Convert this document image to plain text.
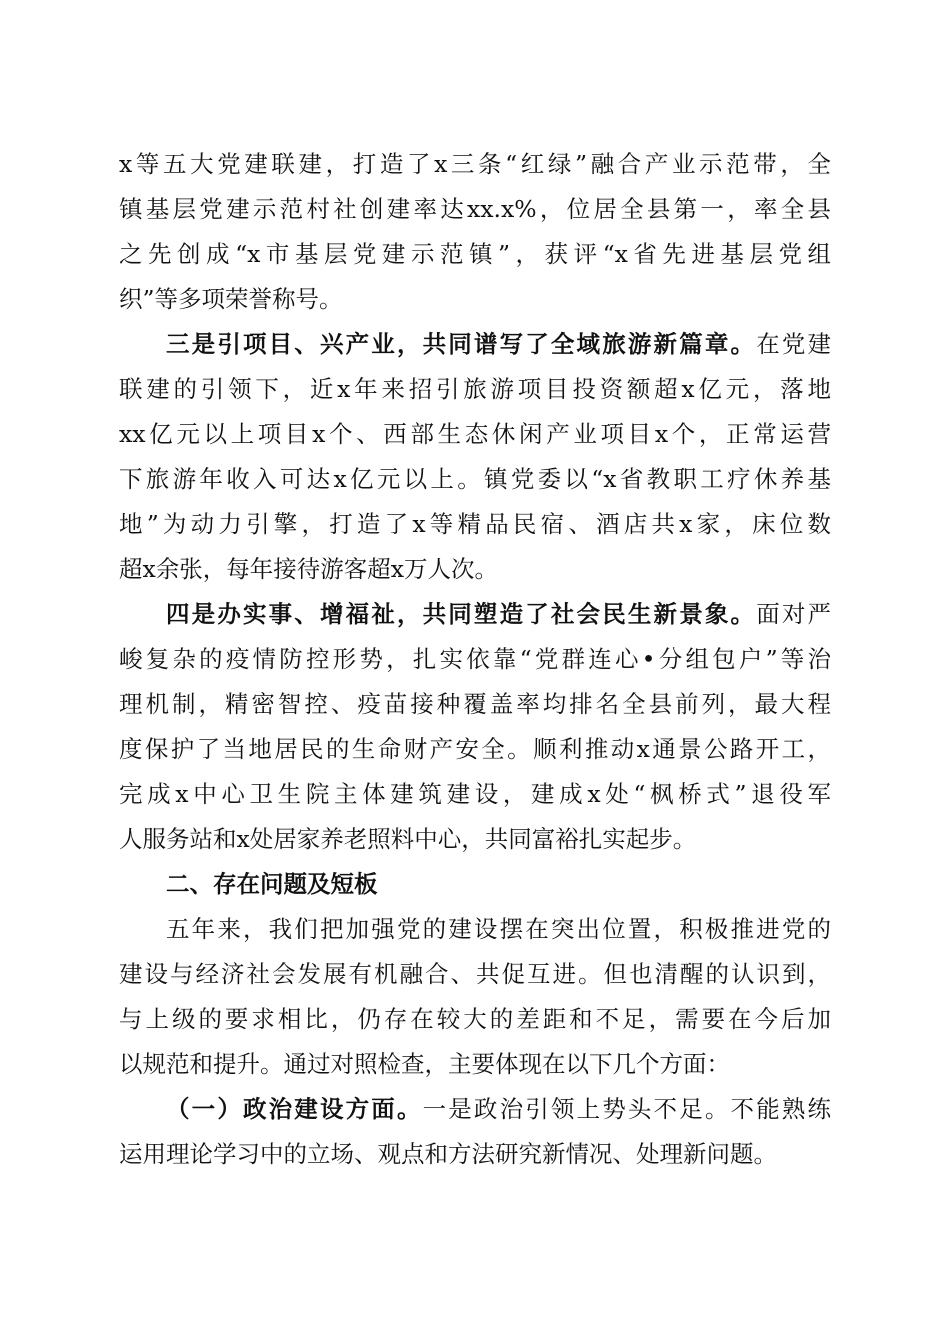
x等五大党建联建，打造了x三条“红绿”融合产业示范带，全
镇基层党建示范村社创建率达xx.x%，位居全县第一，率全县
之先创成“x市基层党建示范镇”，获评“x省先进基层党组
织”等多项荣誉称号。
三是引项目、兴产业，共同谱写了全域旅游新篇章。在党建
联建的引领下，近x年来招引旅游项目投资额超x亿元，落地
xx亿元以上项目x个、西部生态休闲产业项目x个，正常运营
下旅游年收入可达x亿元以上。镇党委以“x省教职工疗休养基
地”为动力引擎，打造了x等精品民宿、酒店共x家，床位数
超x余张，每年接待游客超x万人次。
四是办实事、增福祉，共同塑造了社会民生新景象。面对严
峻复杂的疫情防控形势，扎实依靠“党群连心•分组包户”等治
理机制，精密智控、疫苗接种覆盖率均排名全县前列，最大程
度保护了当地居民的生命财产安全。顺利推动x通景公路开工，
完成x中心卫生院主体建筑建设，建成x处“枫桥式”退役军
人服务站和x处居家养老照料中心，共同富裕扎实起步。
二、存在问题及短板
五年来，我们把加强党的建设摆在突出位置，积极推进党的
建设与经济社会发展有机融合、共促互进。但也清醒的认识到，
与上级的要求相比，仍存在较大的差距和不足，需要在今后加
以规范和提升。通过对照检查，主要体现在以下几个方面：
（一）政治建设方面。一是政治引领上势头不足。不能熟练
运用理论学习中的立场、观点和方法研究新情况、处理新问题。
